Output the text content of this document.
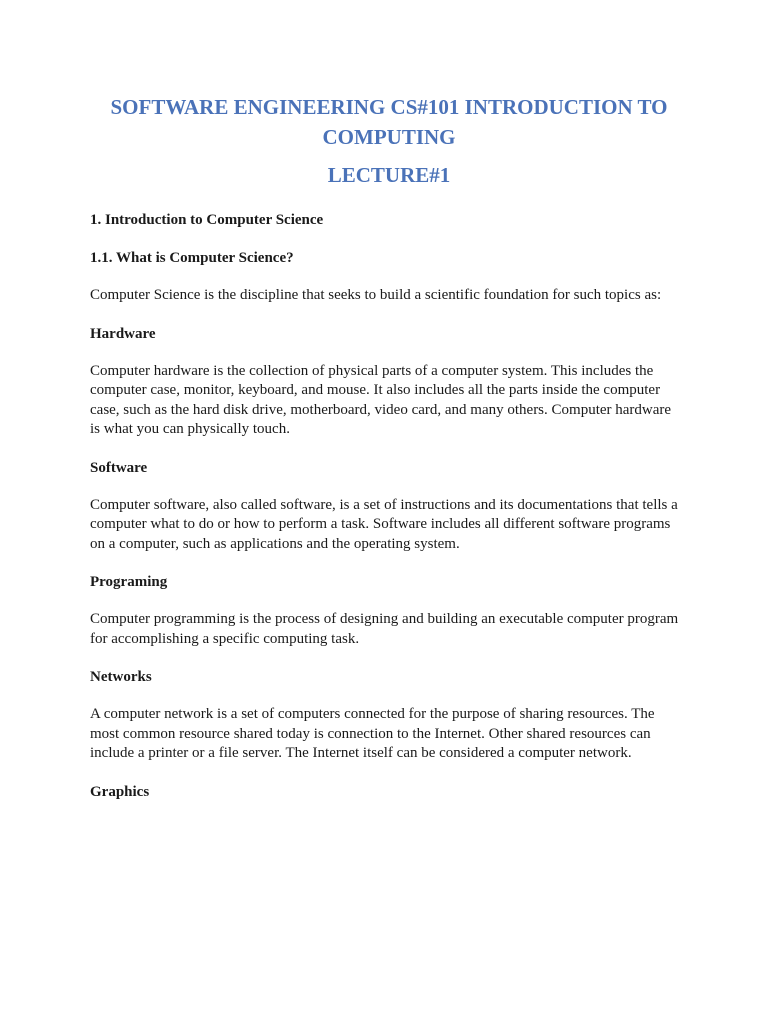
SOFTWARE ENGINEERING CS#101 INTRODUCTION TO COMPUTING
LECTURE#1

1. Introduction to Computer Science

1.1. What is Computer Science?

Computer Science is the discipline that seeks to build a scientific foundation for such topics as:

Hardware

Computer hardware is the collection of physical parts of a computer system. This includes the computer case, monitor, keyboard, and mouse. It also includes all the parts inside the computer case, such as the hard disk drive, motherboard, video card, and many others. Computer hardware is what you can physically touch.

Software

Computer software, also called software, is a set of instructions and its documentations that tells a computer what to do or how to perform a task. Software includes all different software programs on a computer, such as applications and the operating system.

Programing

Computer programming is the process of designing and building an executable computer program for accomplishing a specific computing task.

Networks

A computer network is a set of computers connected for the purpose of sharing resources. The most common resource shared today is connection to the Internet. Other shared resources can include a printer or a file server. The Internet itself can be considered a computer network.

Graphics
